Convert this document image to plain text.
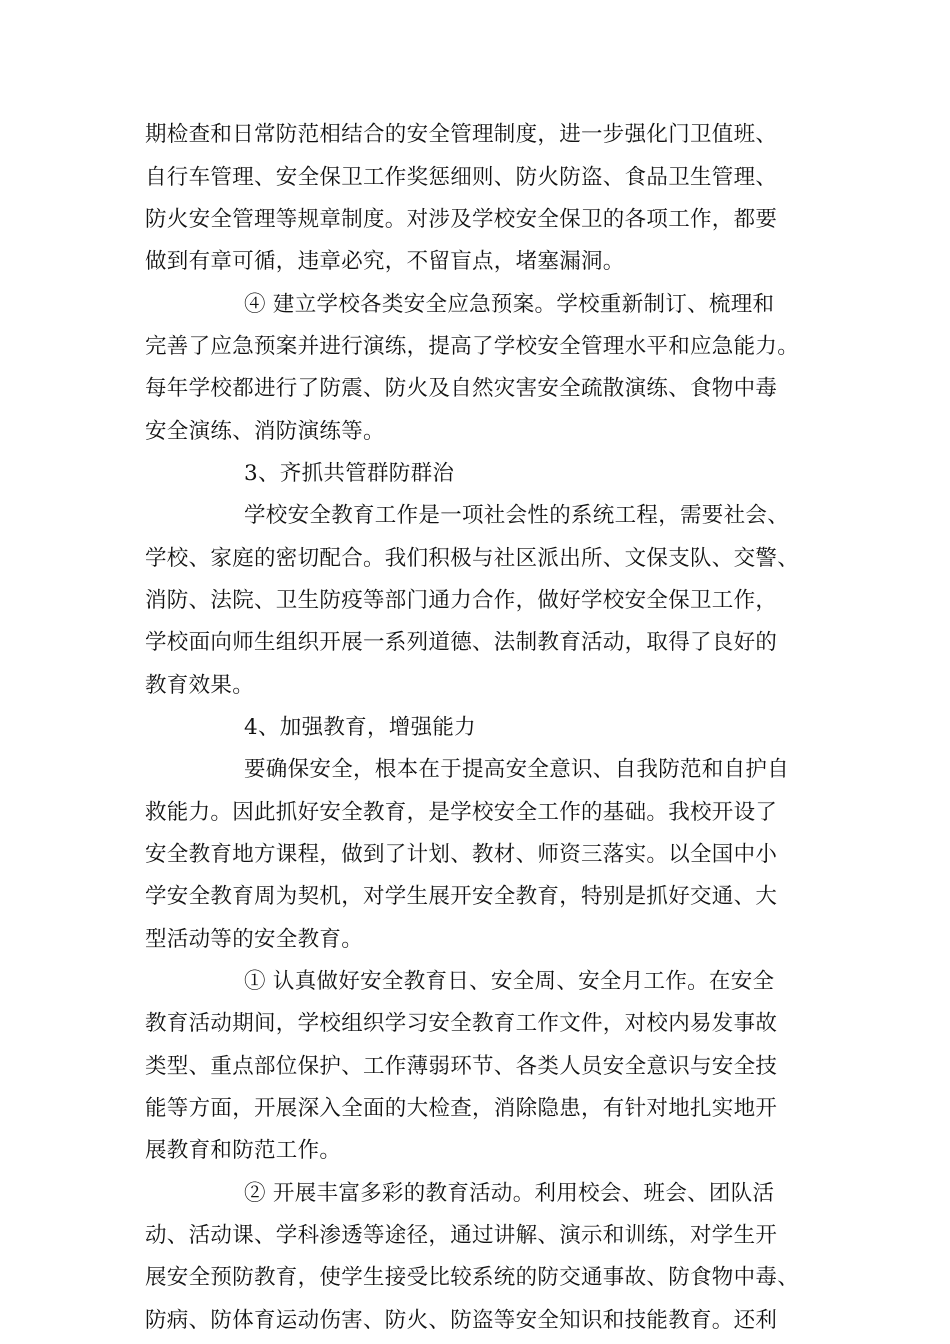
期检查和日常防范相结合的安全管理制度，进一步强化门卫值班、
自行车管理、安全保卫工作奖惩细则、防火防盗、食品卫生管理、
防火安全管理等规章制度。对涉及学校安全保卫的各项工作，都要
做到有章可循，违章必究，不留盲点，堵塞漏洞。
④ 建立学校各类安全应急预案。学校重新制订、梳理和
完善了应急预案并进行演练，提高了学校安全管理水平和应急能力。
每年学校都进行了防震、防火及自然灾害安全疏散演练、食物中毒
安全演练、消防演练等。
3、齐抓共管群防群治
学校安全教育工作是一项社会性的系统工程，需要社会、
学校、家庭的密切配合。我们积极与社区派出所、文保支队、交警、
消防、法院、卫生防疫等部门通力合作，做好学校安全保卫工作，
学校面向师生组织开展一系列道德、法制教育活动，取得了良好的
教育效果。
4、加强教育，增强能力
要确保安全，根本在于提高安全意识、自我防范和自护自
救能力。因此抓好安全教育，是学校安全工作的基础。我校开设了
安全教育地方课程，做到了计划、教材、师资三落实。以全国中小
学安全教育周为契机，对学生展开安全教育，特别是抓好交通、大
型活动等的安全教育。
① 认真做好安全教育日、安全周、安全月工作。在安全
教育活动期间，学校组织学习安全教育工作文件，对校内易发事故
类型、重点部位保护、工作薄弱环节、各类人员安全意识与安全技
能等方面，开展深入全面的大检查，消除隐患，有针对地扎实地开
展教育和防范工作。
② 开展丰富多彩的教育活动。利用校会、班会、团队活
动、活动课、学科渗透等途径，通过讲解、演示和训练，对学生开
展安全预防教育，使学生接受比较系统的防交通事故、防食物中毒、
防病、防体育运动伤害、防火、防盗等安全知识和技能教育。还利
